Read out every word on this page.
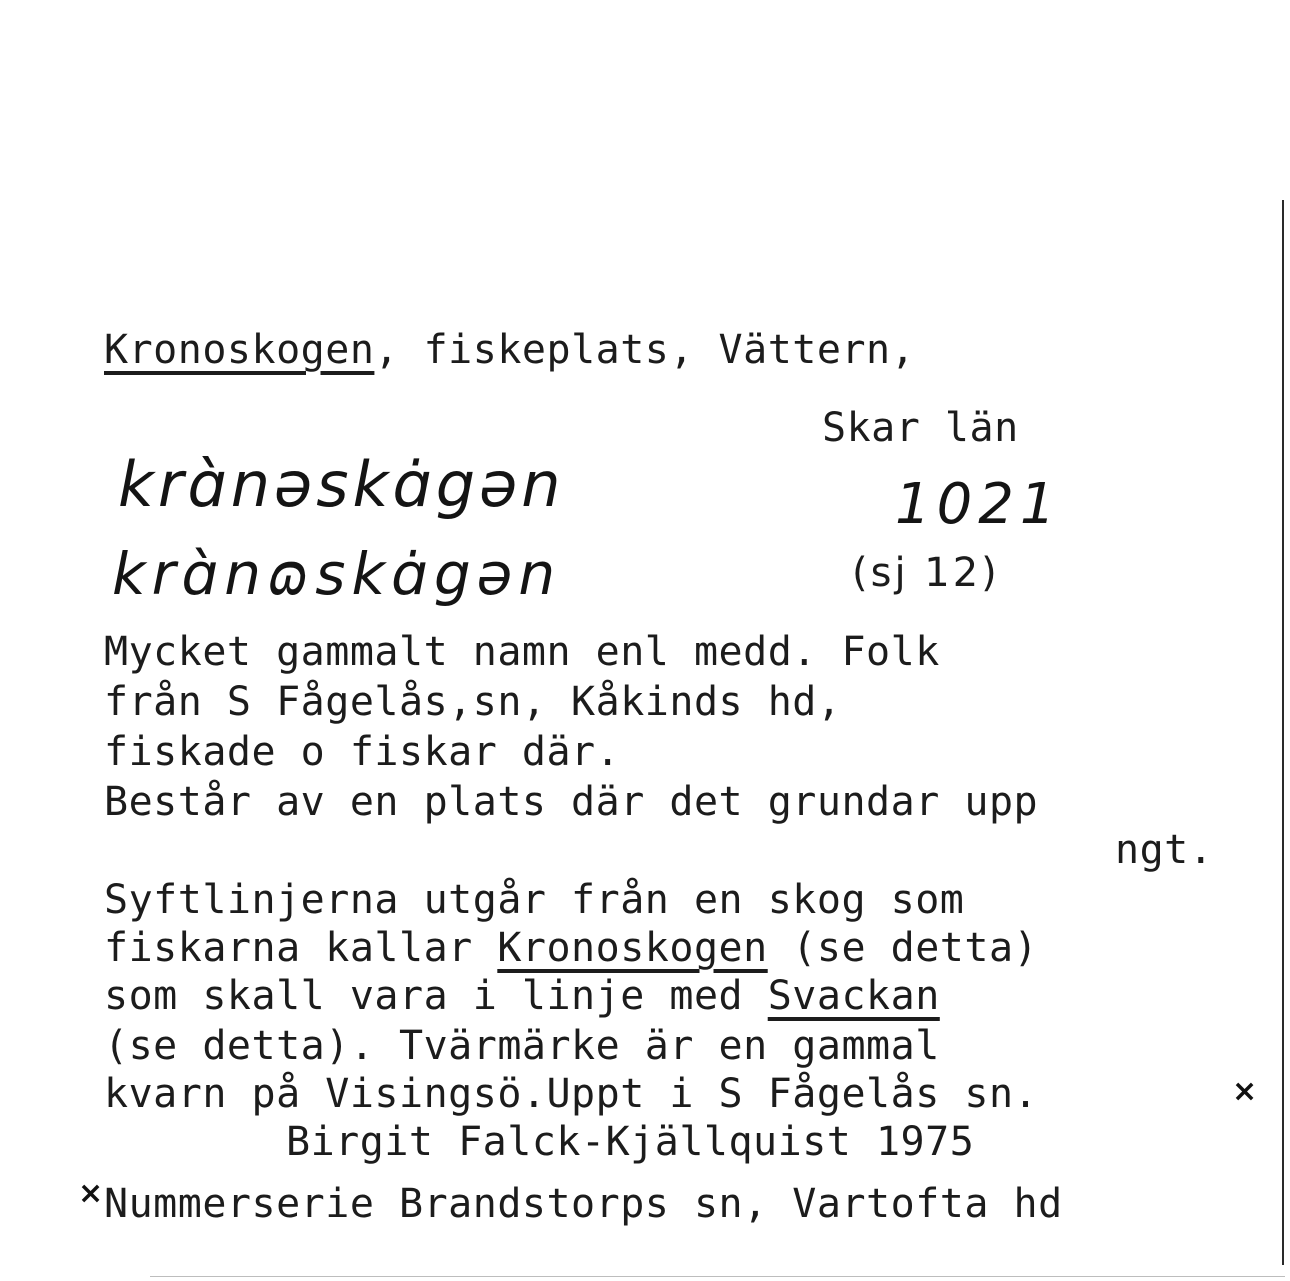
Kronoskogen, fiskeplats, Vättern,
Skar län
krɑ̀nəskɑ̇gən	1021
krɑ̀nɷskɑ̇gən	(sj 12)
Mycket gammalt namn enl medd. Folk
från S Fågelås,sn, Kåkinds hd,
fiskade o fiskar där.
Består av en plats där det grundar upp
ngt.
Syftlinjerna utgår från en skog som
fiskarna kallar Kronoskogen (se detta)
som skall vara i linje med Svackan
(se detta). Tvärmärke är en gammal
kvarn på Visingsö.Uppt i S Fågelås sn.	×
Birgit Falck-Kjällquist 1975
× Nummerserie Brandstorps sn, Vartofta hd
